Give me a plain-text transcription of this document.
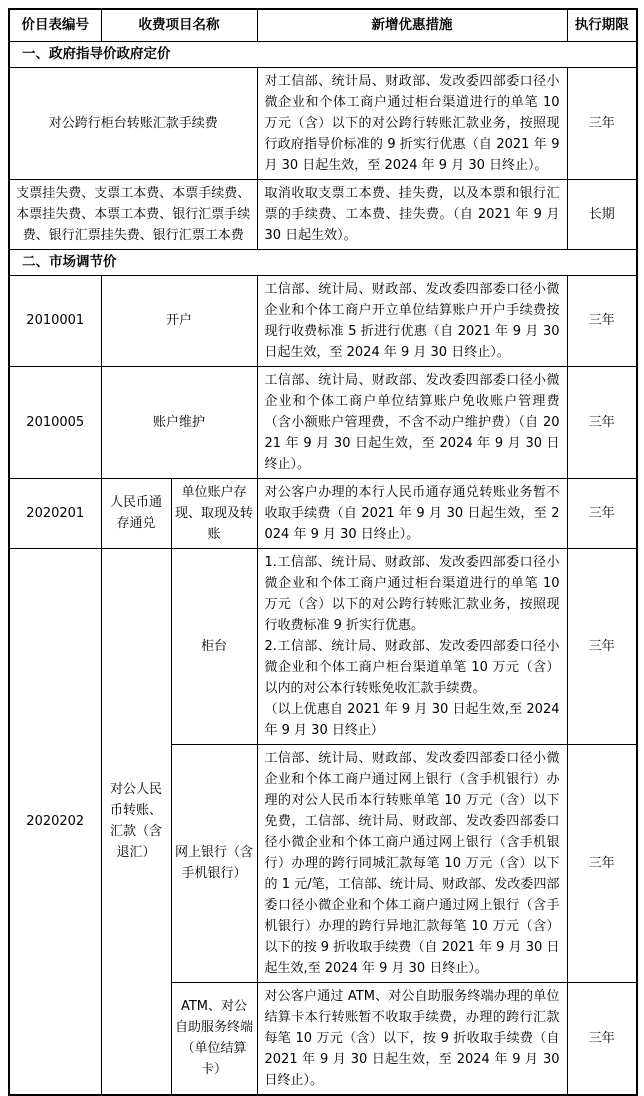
价目表编号	收费项目名称		新增优惠措施	执行期限
一、政府指导价政府定价				
对公跨行柜台转账汇款手续费			对工信部、统计局、财政部、发改委四部委口径小微企业和个体工商户通过柜台渠道进行的单笔 10 万元（含）以下的对公跨行转账汇款业务，按照现行政府指导价标准的 9 折实行优惠（自 2021 年 9 月 30 日起生效，至 2024 年 9 月 30 日终止）。	三年
支票挂失费、支票工本费、本票手续费、本票挂失费、本票工本费、银行汇票手续费、银行汇票挂失费、银行汇票工本费			取消收取支票工本费、挂失费，以及本票和银行汇票的手续费、工本费、挂失费。（自 2021 年 9 月 30 日起生效）。	长期
二、市场调节价				
2010001	开户		工信部、统计局、财政部、发改委四部委口径小微企业和个体工商户开立单位结算账户开户手续费按现行收费标准 5 折进行优惠（自 2021 年 9 月 30 日起生效，至 2024 年 9 月 30 日终止）。	三年
2010005	账户维护		工信部、统计局、财政部、发改委四部委口径小微企业和个体工商户单位结算账户免收账户管理费（含小额账户管理费，不含不动户维护费）（自 2021 年 9 月 30 日起生效，至 2024 年 9 月 30 日终止）。	三年
2020201	人民币通存通兑	单位账户存现、取现及转账	对公客户办理的本行人民币通存通兑转账业务暂不收取手续费（自 2021 年 9 月 30 日起生效，至 2024 年 9 月 30 日终止）。	三年
2020202	对公人民币转账、汇款（含退汇）	柜台	1.工信部、统计局、财政部、发改委四部委口径小微企业和个体工商户通过柜台渠道进行的单笔 10 万元（含）以下的对公跨行转账汇款业务，按照现行收费标准 9 折实行优惠。
2.工信部、统计局、财政部、发改委四部委口径小微企业和个体工商户柜台渠道单笔 10 万元（含）以内的对公本行转账免收汇款手续费。
（以上优惠自 2021 年 9 月 30 日起生效,至 2024 年 9 月 30 日终止）	三年
		网上银行（含手机银行）	工信部、统计局、财政部、发改委四部委口径小微企业和个体工商户通过网上银行（含手机银行）办理的对公人民币本行转账单笔 10 万元（含）以下免费，工信部、统计局、财政部、发改委四部委口径小微企业和个体工商户通过网上银行（含手机银行）办理的跨行同城汇款每笔 10 万元（含）以下的 1 元/笔，工信部、统计局、财政部、发改委四部委口径小微企业和个体工商户通过网上银行（含手机银行）办理的跨行异地汇款每笔 10 万元（含）以下的按 9 折收取手续费（自 2021 年 9 月 30 日起生效,至 2024 年 9 月 30 日终止）。	三年
		ATM、对公自助服务终端（单位结算卡）	对公客户通过 ATM、对公自助服务终端办理的单位结算卡本行转账暂不收取手续费，办理的跨行汇款每笔 10 万元（含）以下，按 9 折收取手续费（自 2021 年 9 月 30 日起生效，至 2024 年 9 月 30 日终止）。	三年
